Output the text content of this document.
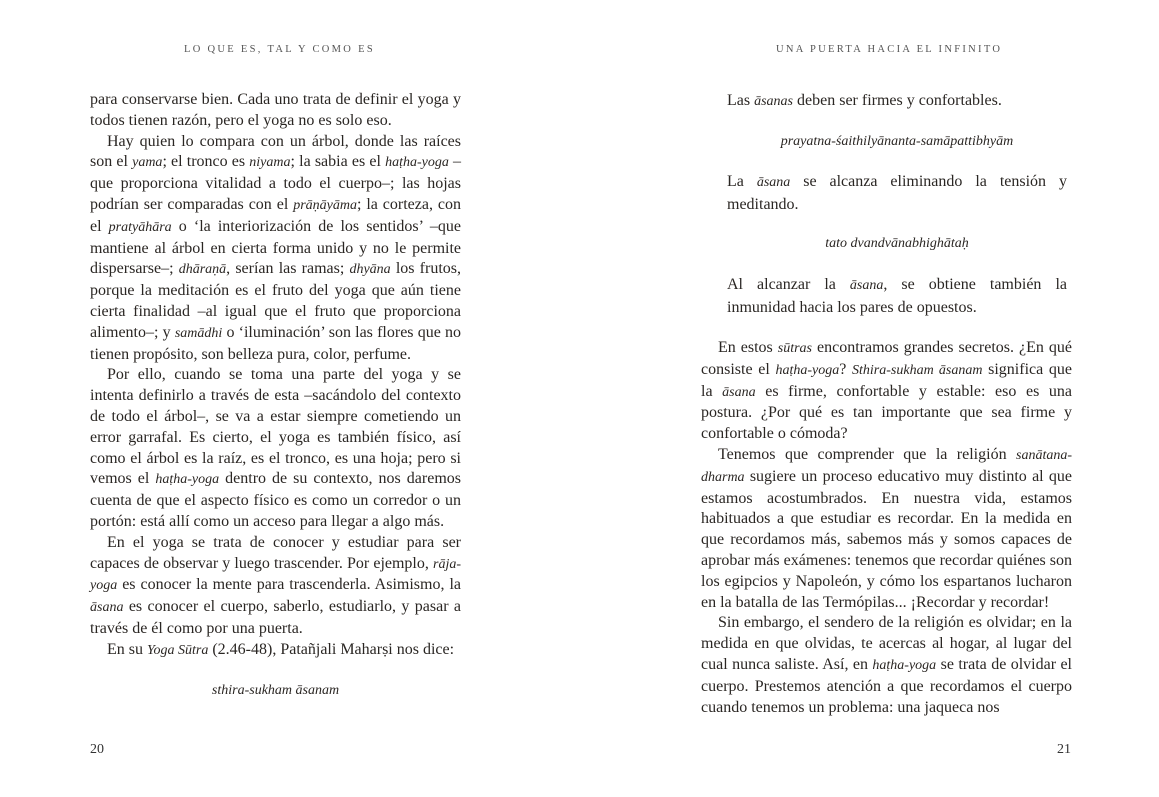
LO QUE ES, TAL Y COMO ES

para conservarse bien. Cada uno trata de definir el yoga y todos tienen razón, pero el yoga no es solo eso.

Hay quien lo compara con un árbol, donde las raíces son el yama; el tronco es niyama; la sabia es el haṭha-yoga –que proporciona vitalidad a todo el cuerpo–; las hojas podrían ser comparadas con el prāṇāyāma; la corteza, con el pratyāhāra o ‘la interiorización de los sentidos’ –que mantiene al árbol en cierta forma unido y no le permite dispersarse–; dhāraṇā, serían las ramas; dhyāna los frutos, porque la meditación es el fruto del yoga que aún tiene cierta finalidad –al igual que el fruto que proporciona alimento–; y samādhi o ‘iluminación’ son las flores que no tienen propósito, son belleza pura, color, perfume.

Por ello, cuando se toma una parte del yoga y se intenta definirlo a través de esta –sacándolo del contexto de todo el árbol–, se va a estar siempre cometiendo un error garrafal. Es cierto, el yoga es también físico, así como el árbol es la raíz, es el tronco, es una hoja; pero si vemos el haṭha-yoga dentro de su contexto, nos daremos cuenta de que el aspecto físico es como un corredor o un portón: está allí como un acceso para llegar a algo más.

En el yoga se trata de conocer y estudiar para ser capaces de observar y luego trascender. Por ejemplo, rāja-yoga es conocer la mente para trascenderla. Asimismo, la āsana es conocer el cuerpo, saberlo, estudiarlo, y pasar a través de él como por una puerta.

En su Yoga Sūtra (2.46-48), Patañjali Maharṣi nos dice:

sthira-sukham āsanam

20
UNA PUERTA HACIA EL INFINITO

Las āsanas deben ser firmes y confortables.

prayatna-śaithilyānanta-samāpattibhyām

La āsana se alcanza eliminando la tensión y meditando.

tato dvandvānabhighātaḥ

Al alcanzar la āsana, se obtiene también la inmunidad hacia los pares de opuestos.

En estos sūtras encontramos grandes secretos. ¿En qué consiste el haṭha-yoga? Sthira-sukham āsanam significa que la āsana es firme, confortable y estable: eso es una postura. ¿Por qué es tan importante que sea firme y confortable o cómoda?

Tenemos que comprender que la religión sanātana-dharma sugiere un proceso educativo muy distinto al que estamos acostumbrados. En nuestra vida, estamos habituados a que estudiar es recordar. En la medida en que recordamos más, sabemos más y somos capaces de aprobar más exámenes: tenemos que recordar quiénes son los egipcios y Napoleón, y cómo los espartanos lucharon en la batalla de las Termópilas... ¡Recordar y recordar!

Sin embargo, el sendero de la religión es olvidar; en la medida en que olvidas, te acercas al hogar, al lugar del cual nunca saliste. Así, en haṭha-yoga se trata de olvidar el cuerpo. Prestemos atención a que recordamos el cuerpo cuando tenemos un problema: una jaqueca nos

21
